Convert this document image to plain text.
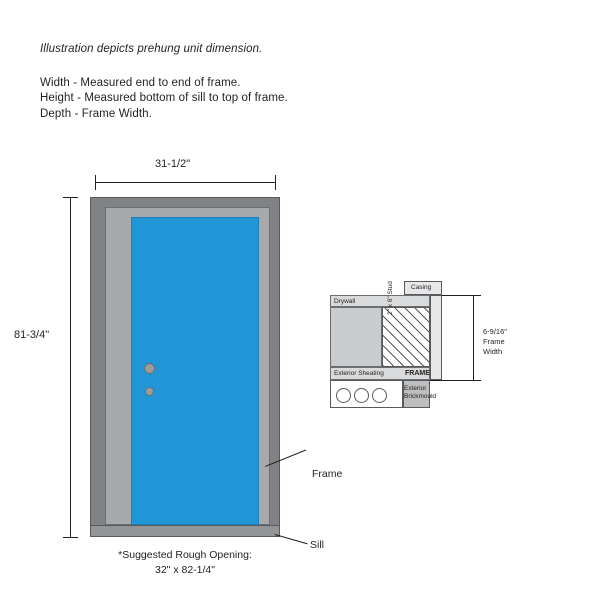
Illustration depicts prehung unit dimension.
Width - Measured end to end of frame.
Height - Measured bottom of sill to top of frame.
Depth - Frame Width.
31-1/2"
81-3/4"
Frame
Sill
*Suggested Rough Opening:
32" x 82-1/4"
Drywall
Casing
2" x 6" Stud
Exterior Sheating	FRAME
Exterior
Brickmould
6-9/16"
Frame
Width
